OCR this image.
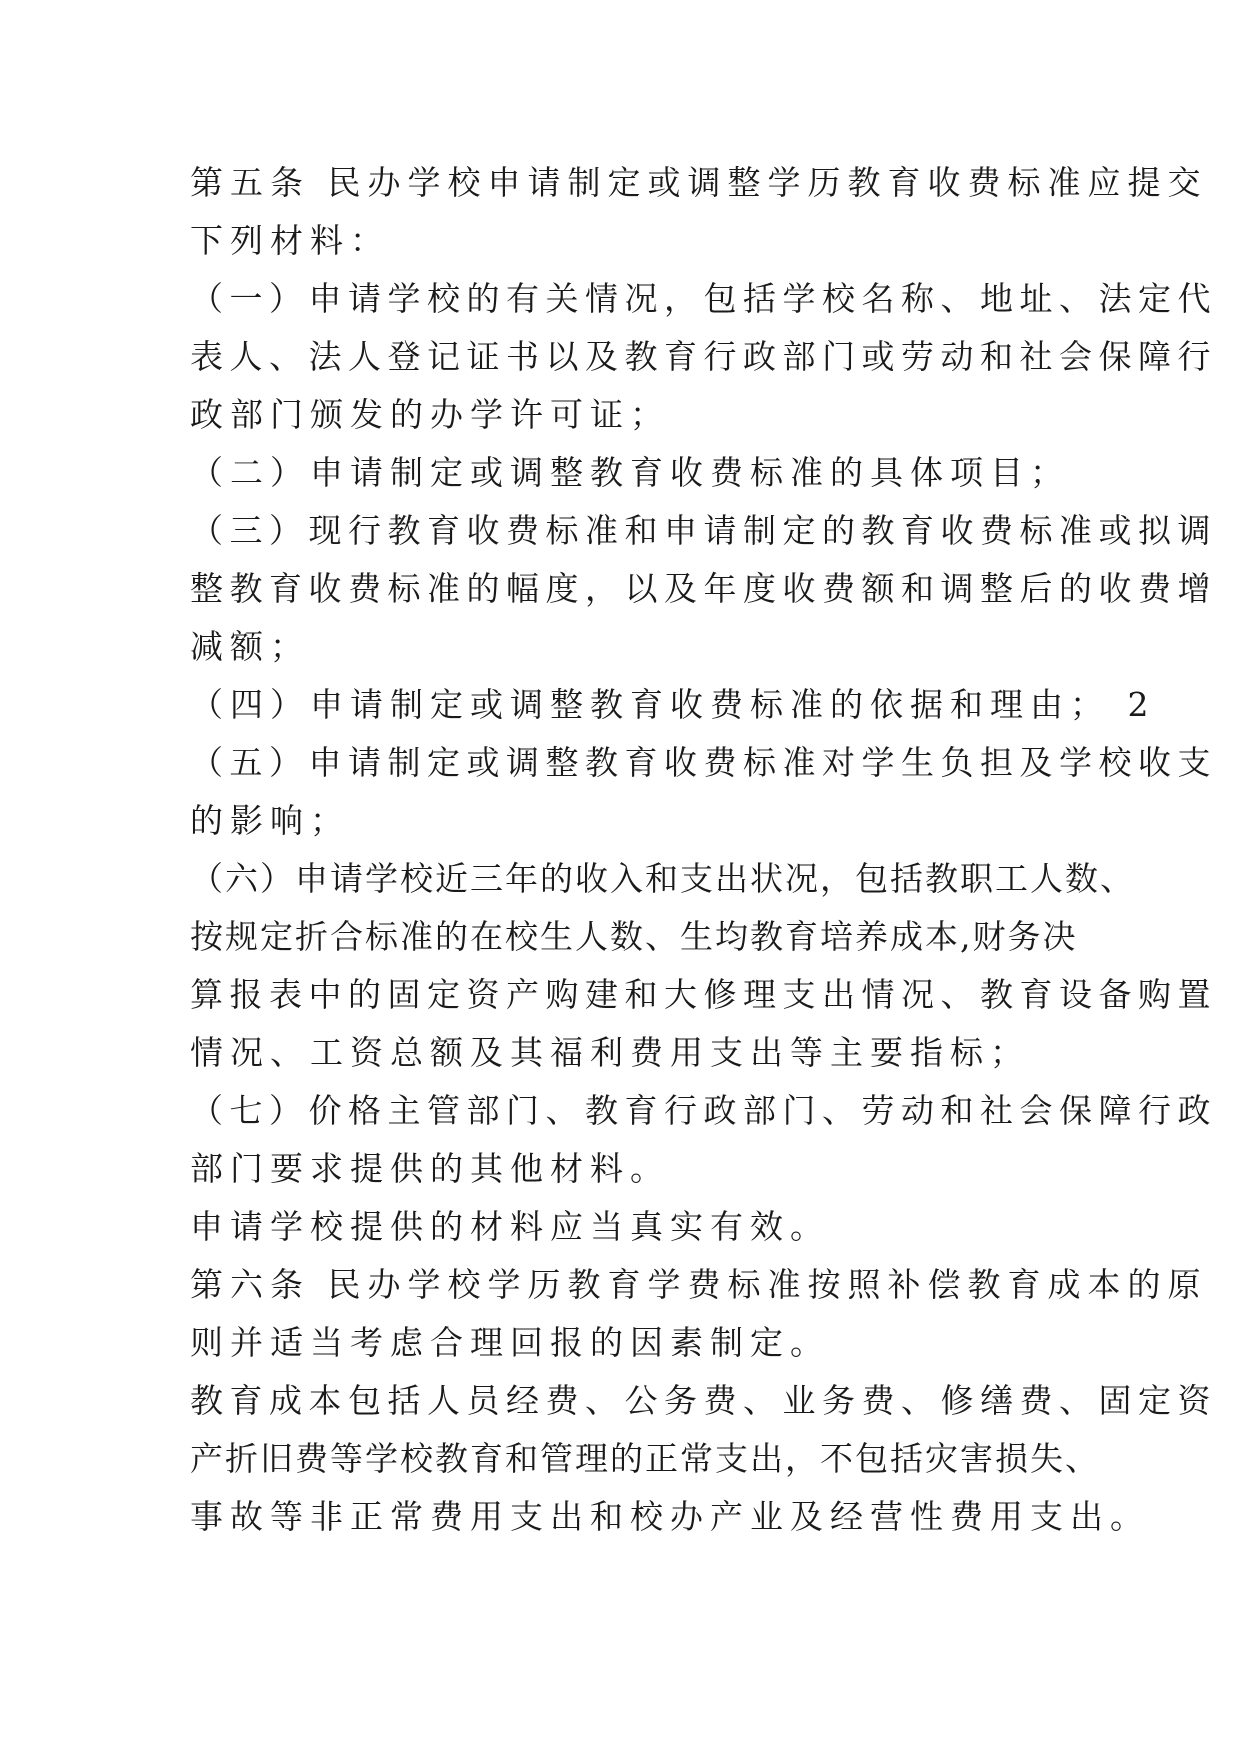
第五条 民办学校申请制定或调整学历教育收费标准应提交
下列材料：
（一）申请学校的有关情况，包括学校名称、地址、法定代
表人、法人登记证书以及教育行政部门或劳动和社会保障行
政部门颁发的办学许可证；
（二）申请制定或调整教育收费标准的具体项目；
（三）现行教育收费标准和申请制定的教育收费标准或拟调
整教育收费标准的幅度，以及年度收费额和调整后的收费增
减额；
（四）申请制定或调整教育收费标准的依据和理由； 2
（五）申请制定或调整教育收费标准对学生负担及学校收支
的影响；
（六）申请学校近三年的收入和支出状况，包括教职工人数、
按规定折合标准的在校生人数、生均教育培养成本,财务决
算报表中的固定资产购建和大修理支出情况、教育设备购置
情况、工资总额及其福利费用支出等主要指标；
（七）价格主管部门、教育行政部门、劳动和社会保障行政
部门要求提供的其他材料。
申请学校提供的材料应当真实有效。
第六条 民办学校学历教育学费标准按照补偿教育成本的原
则并适当考虑合理回报的因素制定。
教育成本包括人员经费、公务费、业务费、修缮费、固定资
产折旧费等学校教育和管理的正常支出，不包括灾害损失、
事故等非正常费用支出和校办产业及经营性费用支出。
